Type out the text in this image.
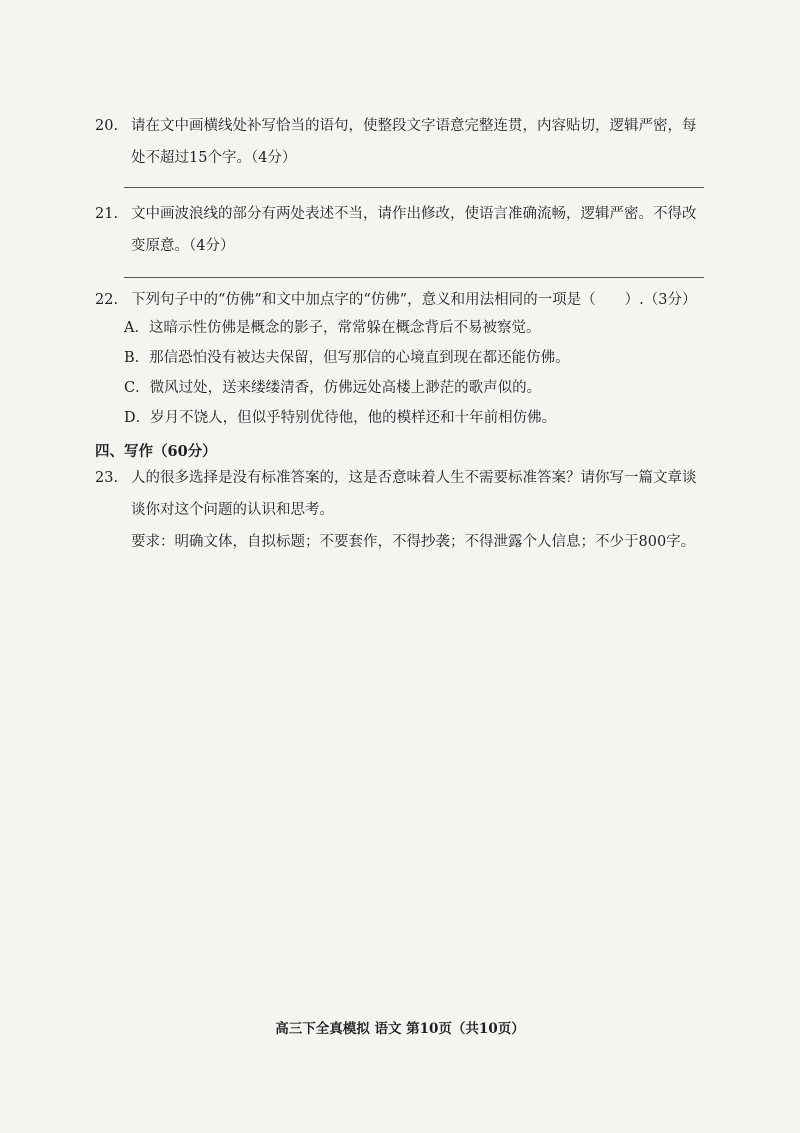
20. 请在文中画横线处补写恰当的语句，使整段文字语意完整连贯，内容贴切，逻辑严密，每
处不超过15个字。（4分）
21. 文中画波浪线的部分有两处表述不当，请作出修改，使语言准确流畅，逻辑严密。不得改
变原意。（4分）
22. 下列句子中的“仿佛”和文中加点字的“仿佛”，意义和用法相同的一项是（　　）.（3分）
A．这暗示性仿佛是概念的影子，常常躲在概念背后不易被察觉。
B．那信恐怕没有被达夫保留，但写那信的心境直到现在都还能仿佛。
C．微风过处，送来缕缕清香，仿佛远处高楼上渺茫的歌声似的。
D．岁月不饶人，但似乎特别优待他，他的模样还和十年前相仿佛。
四、写作（60分）
23. 人的很多选择是没有标准答案的，这是否意味着人生不需要标准答案？请你写一篇文章谈
谈你对这个问题的认识和思考。
要求：明确文体，自拟标题；不要套作，不得抄袭；不得泄露个人信息；不少于800字。
高三下全真模拟 语文 第10页（共10页）
